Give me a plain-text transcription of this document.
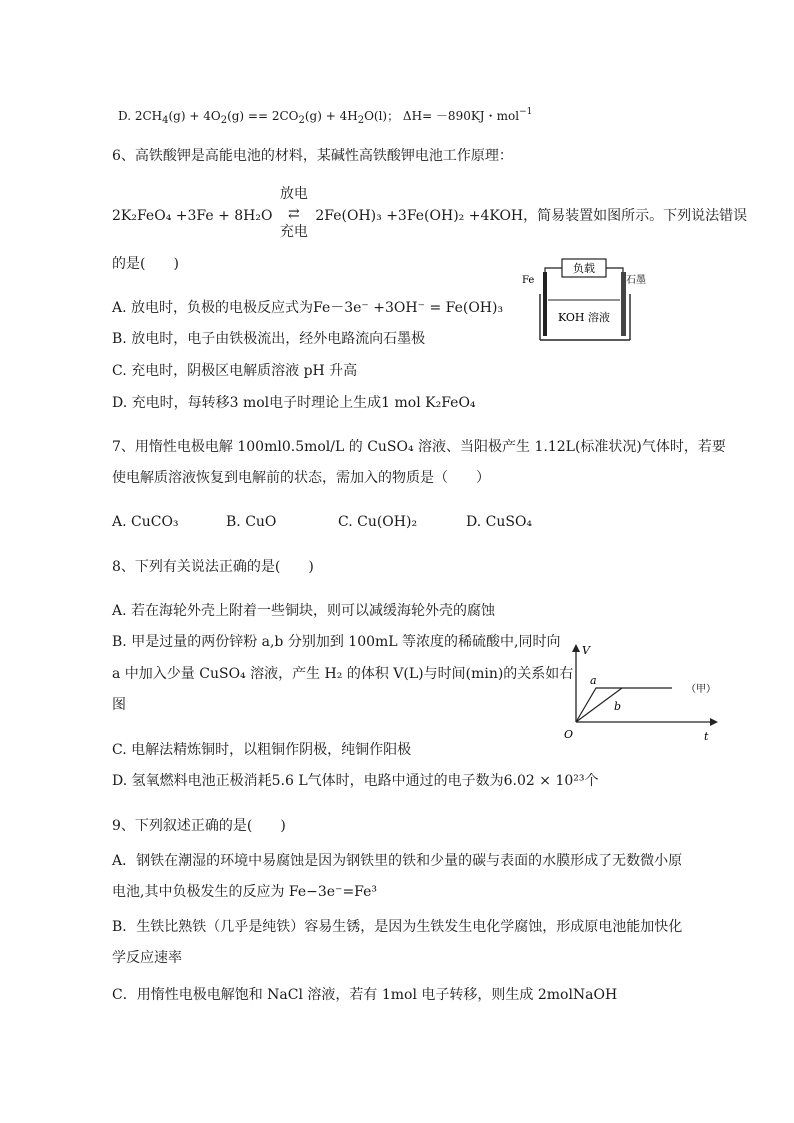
D. $2CH_4(g) + 4O_2(g) == 2CO_2(g) + 4H_2O(l)$； ΔH= －890KJ・mol$^{-1}$
6、高铁酸钾是高能电池的材料，某碱性高铁酸钾电池工作原理：
2K₂FeO₄ +3Fe + 8H₂O
放电
⇄
充电
2Fe(OH)₃ +3Fe(OH)₂ +4KOH，简易装置如图所示。下列说法错误
的是(　　)
A. 放电时，负极的电极反应式为Fe－3e⁻ +3OH⁻ = Fe(OH)₃
B. 放电时，电子由铁极流出，经外电路流向石墨极
C. 充电时，阴极区电解质溶液 pH 升高
D. 充电时，每转移3 mol电子时理论上生成1 mol K₂FeO₄
负载
Fe	石墨
KOH 溶液
7、用惰性电极电解 100ml0.5mol/L 的 CuSO₄ 溶液、当阳极产生 1.12L(标准状况)气体时，若要
使电解质溶液恢复到电解前的状态，需加入的物质是（　　）
A. CuCO₃	B. CuO	C. Cu(OH)₂	D. CuSO₄
8、下列有关说法正确的是(　　)
A. 若在海轮外壳上附着一些铜块，则可以减缓海轮外壳的腐蚀
B. 甲是过量的两份锌粉 a,b 分别加到 100mL 等浓度的稀硫酸中,同时向
a 中加入少量 CuSO₄ 溶液，产生 H₂ 的体积 V(L)与时间(min)的关系如右
图
C. 电解法精炼铜时，以粗铜作阴极，纯铜作阳极
D. 氢氧燃料电池正极消耗5.6 L气体时，电路中通过的电子数为6.02 × 10²³个
V
t
O
a
b
（甲）
9、下列叙述正确的是(　　)
A．钢铁在潮湿的环境中易腐蚀是因为钢铁里的铁和少量的碳与表面的水膜形成了无数微小原
电池,其中负极发生的反应为 Fe−3e⁻=Fe³
B．生铁比熟铁（几乎是纯铁）容易生锈，是因为生铁发生电化学腐蚀，形成原电池能加快化
学反应速率
C．用惰性电极电解饱和 NaCl 溶液，若有 1mol 电子转移，则生成 2molNaOH
